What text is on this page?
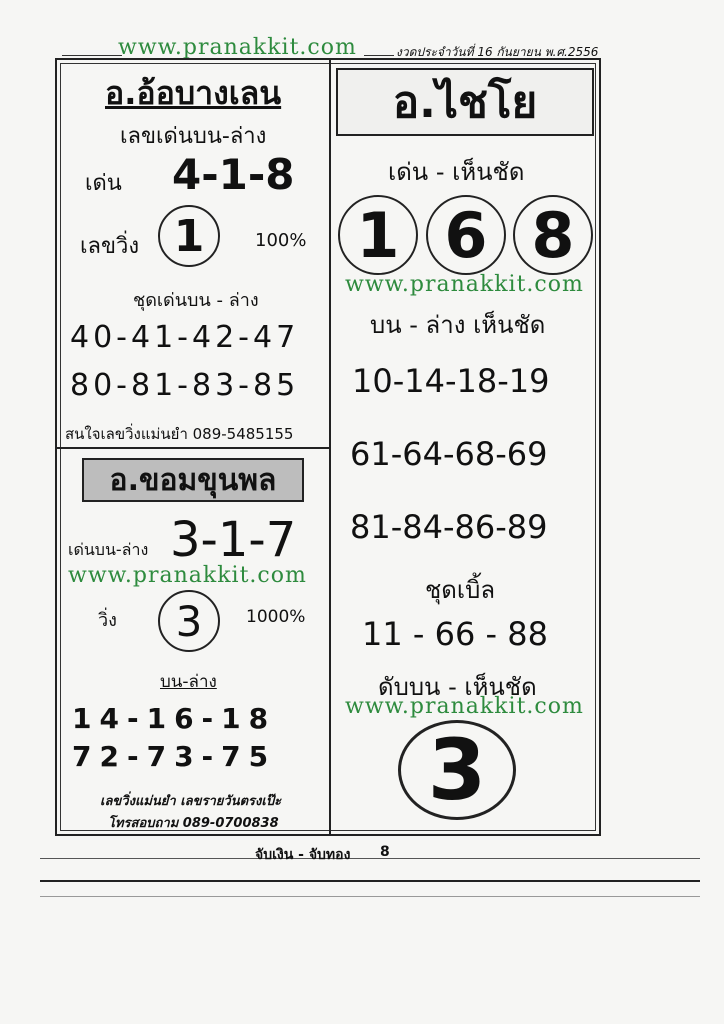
www.pranakkit.com	งวดประจำวันที่ 16 กันยายน พ.ศ.2556
อ.อ้อบางเลน
เลขเด่นบน-ล่าง
เด่น 4-1-8
เลขวิ่ง 1	100%
ชุดเด่นบน - ล่าง
40-41-42-47
80-81-83-85
สนใจเลขวิ่งแม่นยำ 089-5485155
อ.ขอมขุนพล
เด่นบน-ล่าง 3-1-7
www.pranakkit.com
วิ่ง 3	1000%
บน-ล่าง
14-16-18
72-73-75
เลขวิ่งแม่นยำ เลขรายวันตรงเป๊ะ
โทรสอบถาม 089-0700838
อ.ไชโย
เด่น - เห็นชัด
1 6 8
www.pranakkit.com
บน - ล่าง เห็นชัด
10-14-18-19
61-64-68-69
81-84-86-89
ชุดเบิ้ล
11 - 66 - 88
ดับบน - เห็นชัด
www.pranakkit.com
3
จับเงิน - จับทอง 8
